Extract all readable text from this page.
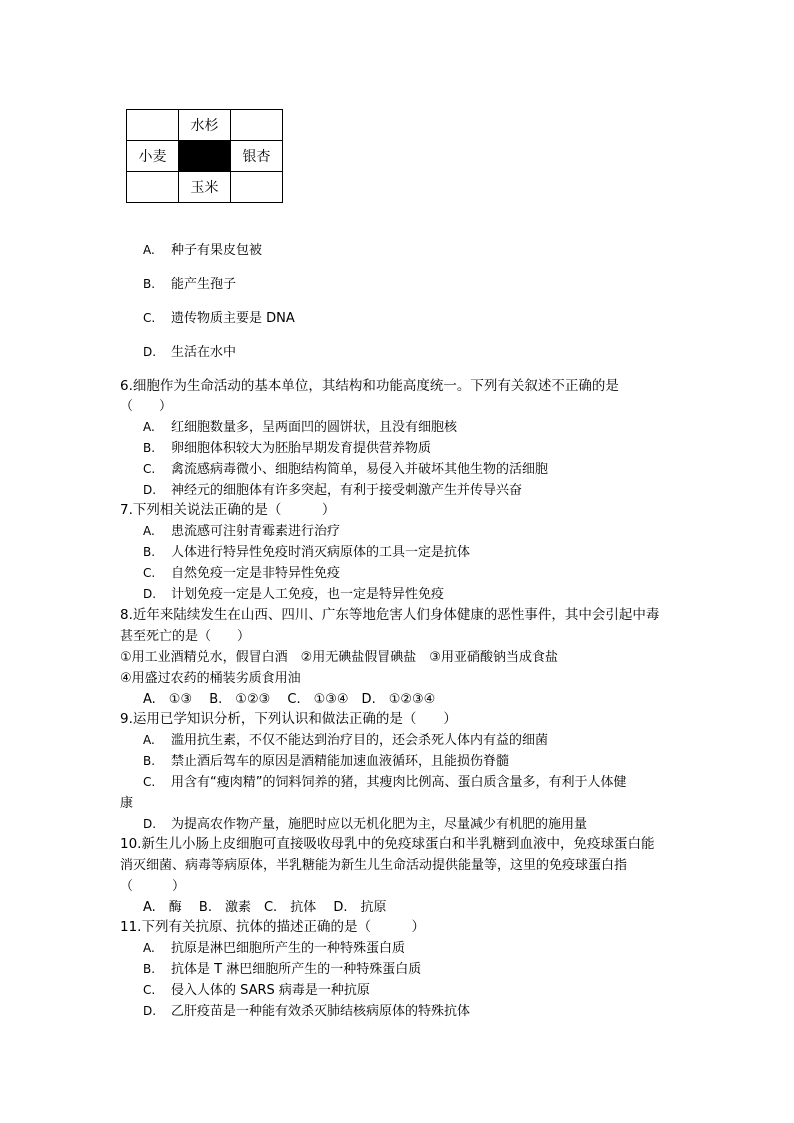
	水杉	
小麦		银杏
	玉米	
A. 种子有果皮包被
B. 能产生孢子
C. 遗传物质主要是 DNA
D. 生活在水中
6.细胞作为生命活动的基本单位，其结构和功能高度统一。下列有关叙述不正确的是
（　　）
A. 红细胞数量多，呈两面凹的圆饼状，且没有细胞核
B. 卵细胞体积较大为胚胎早期发育提供营养物质
C. 禽流感病毒微小、细胞结构简单，易侵入并破坏其他生物的活细胞
D. 神经元的细胞体有许多突起，有利于接受刺激产生并传导兴奋
7.下列相关说法正确的是（　　　）
A. 患流感可注射青霉素进行治疗
B. 人体进行特异性免疫时消灭病原体的工具一定是抗体
C. 自然免疫一定是非特异性免疫
D. 计划免疫一定是人工免疫，也一定是特异性免疫
8.近年来陆续发生在山西、四川、广东等地危害人们身体健康的恶性事件，其中会引起中毒
甚至死亡的是（　　）
①用工业酒精兑水，假冒白酒　②用无碘盐假冒碘盐　③用亚硝酸钠当成食盐
④用盛过农药的桶装劣质食用油
A.　①③　 B.　①②③　 C.　①③④　D.　①②③④
9.运用已学知识分析，下列认识和做法正确的是（　　）
A. 滥用抗生素，不仅不能达到治疗目的，还会杀死人体内有益的细菌
B. 禁止酒后驾车的原因是酒精能加速血液循环，且能损伤脊髓
C. 用含有“瘦肉精”的饲料饲养的猪，其瘦肉比例高、蛋白质含量多，有利于人体健
康
D. 为提高农作物产量，施肥时应以无机化肥为主，尽量减少有机肥的施用量
10.新生儿小肠上皮细胞可直接吸收母乳中的免疫球蛋白和半乳糖到血液中，免疫球蛋白能
消灭细菌、病毒等病原体，半乳糖能为新生儿生命活动提供能量等，这里的免疫球蛋白指
（　　　）
A.　酶　 B.　激素　C.　抗体　 D.　抗原
11.下列有关抗原、抗体的描述正确的是（　　　）
A. 抗原是淋巴细胞所产生的一种特殊蛋白质
B. 抗体是 T 淋巴细胞所产生的一种特殊蛋白质
C. 侵入人体的 SARS 病毒是一种抗原
D. 乙肝疫苗是一种能有效杀灭肺结核病原体的特殊抗体
